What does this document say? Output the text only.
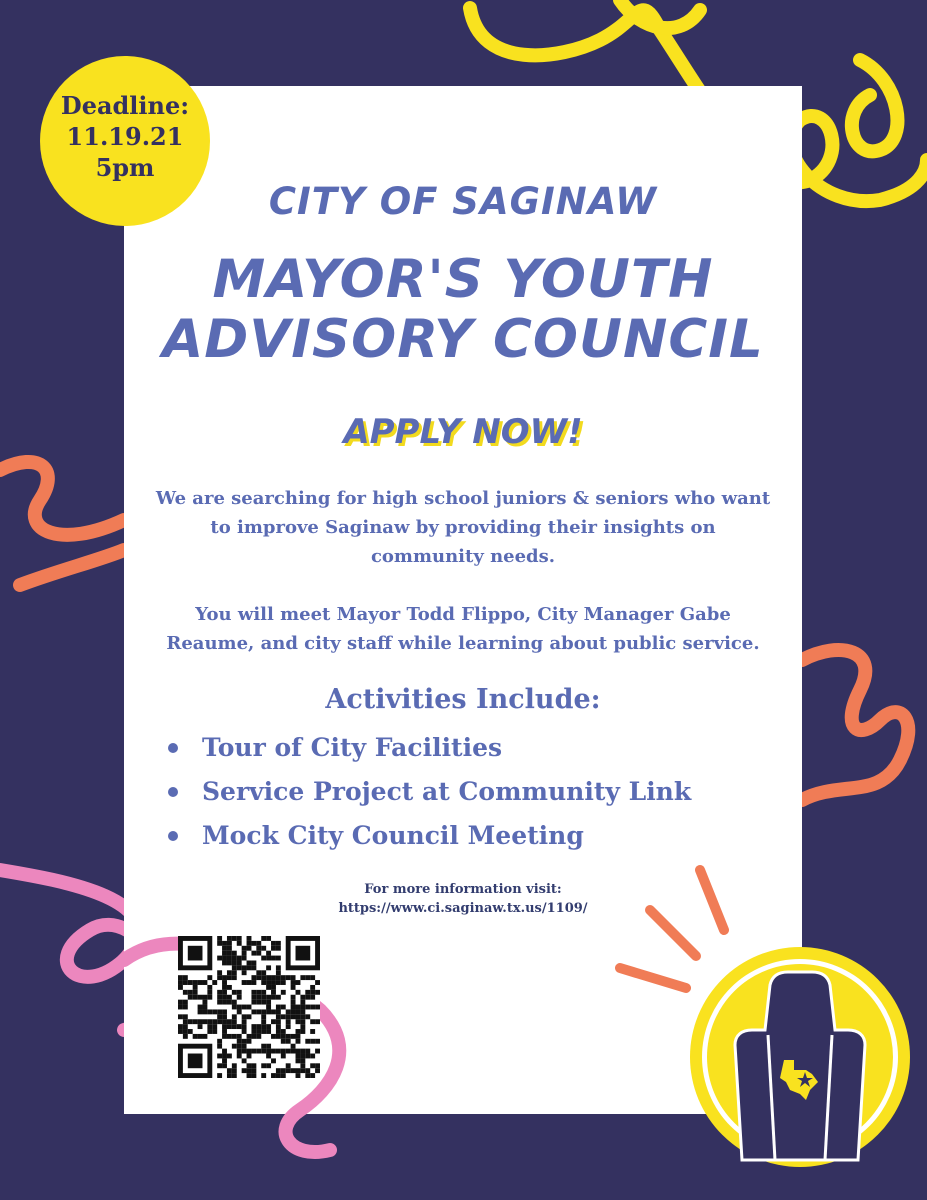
Deadline:
11.19.21
5pm
CITY OF SAGINAW
MAYOR'S YOUTH
ADVISORY COUNCIL
APPLY NOW!
We are searching for high school juniors & seniors who want
to improve Saginaw by providing their insights on
community needs.
You will meet Mayor Todd Flippo, City Manager Gabe
Reaume, and city staff while learning about public service.
Activities Include:
Tour of City Facilities
Service Project at Community Link
Mock City Council Meeting
For more information visit:
https://www.ci.saginaw.tx.us/1109/
